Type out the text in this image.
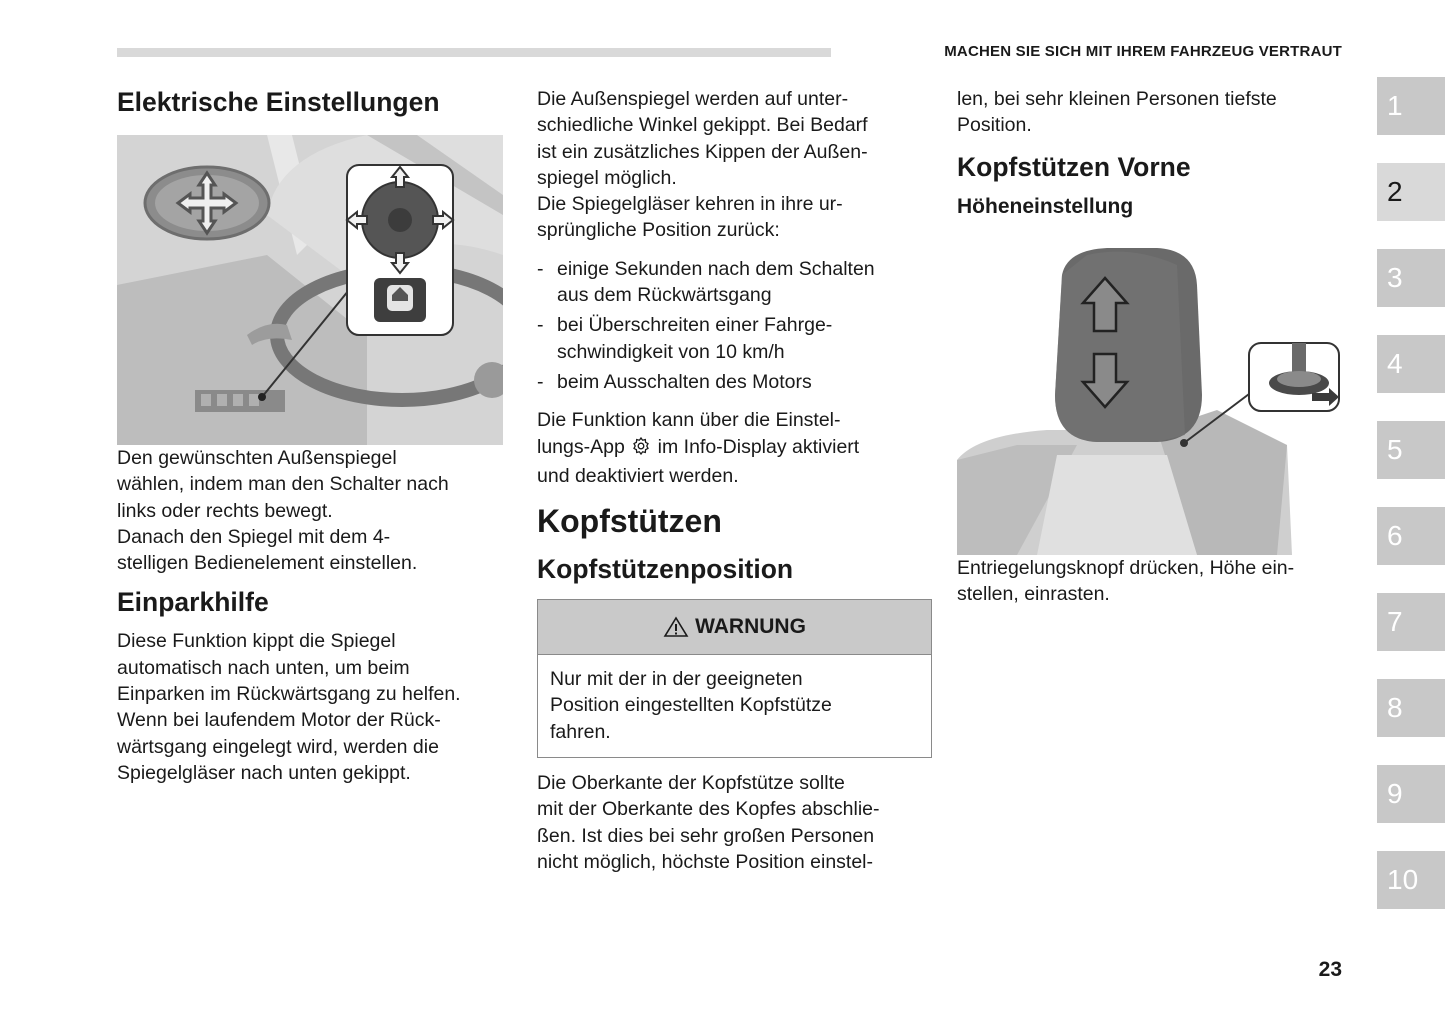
MACHEN SIE SICH MIT IHREM FAHRZEUG VERTRAUT
Elektrische Einstellungen

Den gewünschten Außenspiegel

wählen, indem man den Schalter nach

links oder rechts bewegt.

Danach den Spiegel mit dem 4-

stelligen Bedienelement einstellen.

Einparkhilfe

Diese Funktion kippt die Spiegel

automatisch nach unten, um beim

Einparken im Rückwärtsgang zu helfen.

Wenn bei laufendem Motor der Rück-

wärtsgang eingelegt wird, werden die

Spiegelgläser nach unten gekippt.

Die Außenspiegel werden auf unter-

schiedliche Winkel gekippt. Bei Bedarf

ist ein zusätzliches Kippen der Außen-

spiegel möglich.

Die Spiegelgläser kehren in ihre ur-

sprüngliche Position zurück:

- einige Sekunden nach dem Schalten
aus dem Rückwärtsgang
- bei Überschreiten einer Fahrge-
schwindigkeit von 10 km/h
- beim Ausschalten des Motors

Die Funktion kann über die Einstel-

lungs-App im Info-Display aktiviert

und deaktiviert werden.

Kopfstützen
Kopfstützenposition
WARNUNG

Nur mit der in der geeigneten

Position eingestellten Kopfstütze

fahren.

Die Oberkante der Kopfstütze sollte

mit der Oberkante des Kopfes abschlie-

ßen. Ist dies bei sehr großen Personen

nicht möglich, höchste Position einstel-

len, bei sehr kleinen Personen tiefste

Position.

Kopfstützen Vorne
Höheneinstellung

Entriegelungsknopf drücken, Höhe ein-

stellen, einrasten.

1
2
3
4
5
6
7
8
9
10
23
